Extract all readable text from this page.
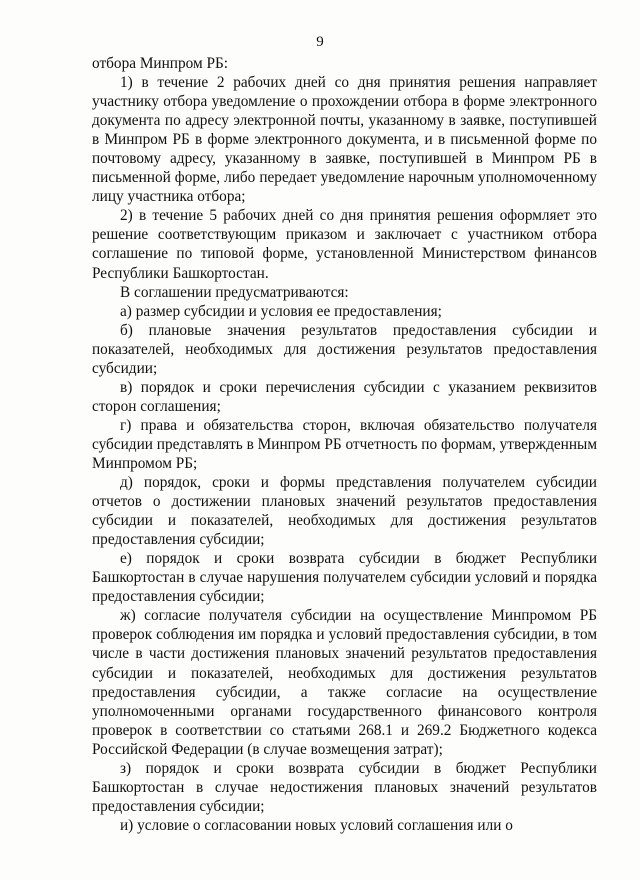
9

отбора Минпром РБ:

1) в течение 2 рабочих дней со дня принятия решения направляет участнику отбора уведомление о прохождении отбора в форме электронного документа по адресу электронной почты, указанному в заявке, поступившей в Минпром РБ в форме электронного документа, и в письменной форме по почтовому адресу, указанному в заявке, поступившей в Минпром РБ в письменной форме, либо передает уведомление нарочным уполномоченному лицу участника отбора;

2) в течение 5 рабочих дней со дня принятия решения оформляет это решение соответствующим приказом и заключает с участником отбора соглашение по типовой форме, установленной Министерством финансов Республики Башкортостан.

В соглашении предусматриваются:

а) размер субсидии и условия ее предоставления;

б) плановые значения результатов предоставления субсидии и показателей, необходимых для достижения результатов предоставления субсидии;

в) порядок и сроки перечисления субсидии с указанием реквизитов сторон соглашения;

г) права и обязательства сторон, включая обязательство получателя субсидии представлять в Минпром РБ отчетность по формам, утвержденным Минпромом РБ;

д) порядок, сроки и формы представления получателем субсидии отчетов о достижении плановых значений результатов предоставления субсидии и показателей, необходимых для достижения результатов предоставления субсидии;

е) порядок и сроки возврата субсидии в бюджет Республики Башкортостан в случае нарушения получателем субсидии условий и порядка предоставления субсидии;

ж) согласие получателя субсидии на осуществление Минпромом РБ проверок соблюдения им порядка и условий предоставления субсидии, в том числе в части достижения плановых значений результатов предоставления субсидии и показателей, необходимых для достижения результатов предоставления субсидии, а также согласие на осуществление уполномоченными органами государственного финансового контроля проверок в соответствии со статьями 268.1 и 269.2 Бюджетного кодекса Российской Федерации (в случае возмещения затрат);

з) порядок и сроки возврата субсидии в бюджет Республики Башкортостан в случае недостижения плановых значений результатов предоставления субсидии;

и) условие о согласовании новых условий соглашения или о
